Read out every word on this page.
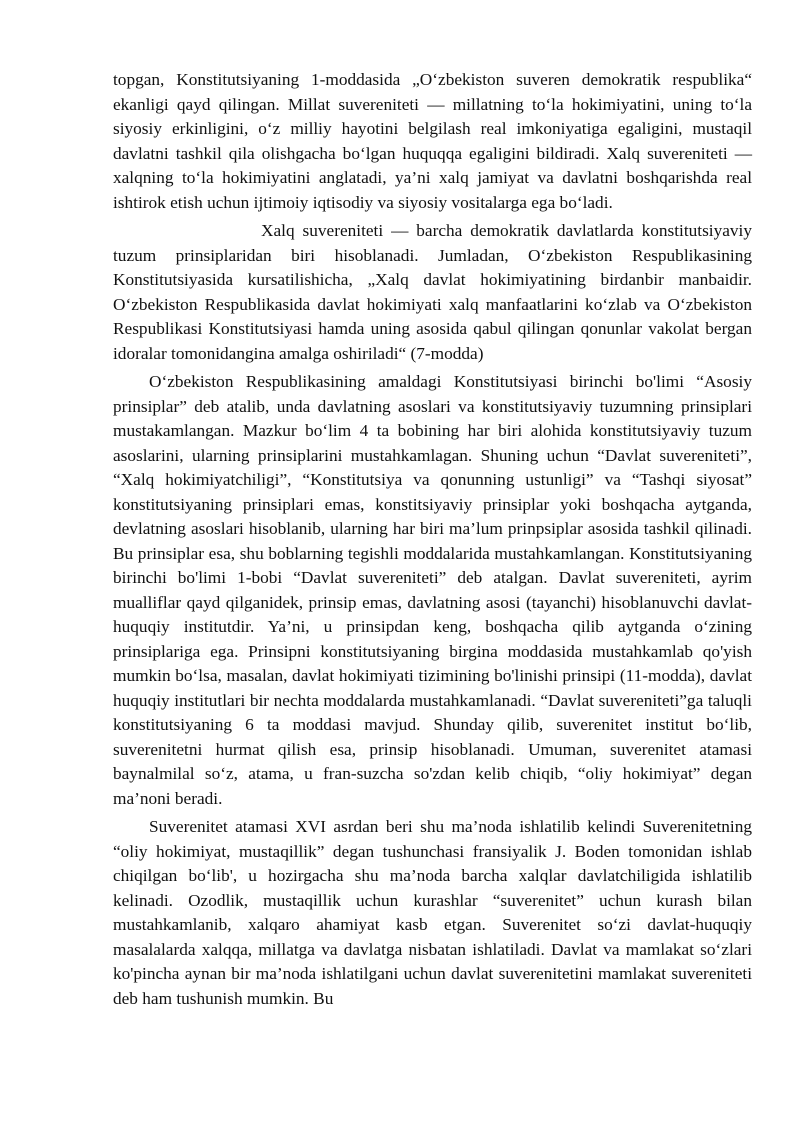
topgan, Konstitutsiyaning 1-moddasida „O‘zbekiston suveren demokratik respublika“ ekanligi qayd qilingan. Millat suvereniteti — millatning to‘la hokimiyatini, uning to‘la siyosiy erkinligini, o‘z milliy hayotini belgilash real imkoniyatiga egaligini, mustaqil davlatni tashkil qila olishgacha bo‘lgan huquqqa egaligini bildiradi. Xalq suvereniteti — xalqning to‘la hokimiyatini anglatadi, ya’ni xalq jamiyat va davlatni boshqarishda real ishtirok etish uchun ijtimoiy iqtisodiy va siyosiy vositalarga ega bo‘ladi.

Xalq suvereniteti — barcha demokratik davlatlarda konstitutsiyaviy tuzum prinsiplaridan biri hisoblanadi. Jumladan, O‘zbekiston Respublikasining Konstitutsiyasida kursatilishicha, „Xalq davlat hokimiyatining birdanbir manbaidir. O‘zbekiston Respublikasida davlat hokimiyati xalq manfaatlarini ko‘zlab va O‘zbekiston Respublikasi Konstitutsiyasi hamda uning asosida qabul qilingan qonunlar vakolat bergan idoralar tomonidangina amalga oshiriladi“ (7-modda)

O‘zbekiston Respublikasining amaldagi Konstitutsiyasi birinchi bo'limi “Asosiy prinsiplar” deb atalib, unda davlatning asoslari va konstitutsiyaviy tuzumning prinsiplari mustakamlangan. Mazkur bo‘lim 4 ta bobining har biri alohida konstitutsiyaviy tuzum asoslarini, ularning prinsiplarini mustahkamlagan. Shuning uchun “Davlat suvereniteti”, “Xalq hokimiyatchiligi”, “Konstitutsiya va qonunning ustunligi” va “Tashqi siyosat” konstitutsiyaning prinsiplari emas, konstitsiyaviy prinsiplar yoki boshqacha aytganda, devlatning asoslari hisoblanib, ularning har biri ma’lum prinpsiplar asosida tashkil qilinadi. Bu prinsiplar esa, shu boblarning tegishli moddalarida mustahkamlangan. Konstitutsiyaning birinchi bo'limi 1-bobi “Davlat suvereniteti” deb atalgan. Davlat suvereniteti, ayrim mualliflar qayd qilganidek, prinsip emas, davlatning asosi (tayanchi) hisoblanuvchi davlat- huquqiy institutdir. Ya’ni, u prinsipdan keng, boshqacha qilib aytganda o‘zining prinsiplariga ega. Prinsipni konstitutsiyaning birgina moddasida mustahkamlab qo'yish mumkin bo‘lsa, masalan, davlat hokimiyati tizimining bo'linishi prinsipi (11-modda), davlat huquqiy institutlari bir nechta moddalarda mustahkamlanadi. “Davlat suvereniteti”ga taluqli konstitutsiyaning 6 ta moddasi mavjud. Shunday qilib, suverenitet institut bo‘lib, suverenitetni hurmat qilish esa, prinsip hisoblanadi. Umuman, suverenitet atamasi baynalmilal so‘z, atama, u fran-suzcha so'zdan kelib chiqib, “oliy hokimiyat” degan ma’noni beradi.

Suverenitet atamasi XVI asrdan beri shu ma’noda ishlatilib kelindi Suverenitetning “oliy hokimiyat, mustaqillik” degan tushunchasi fransiyalik J. Boden tomonidan ishlab chiqilgan bo‘lib', u hozirgacha shu ma’noda barcha xalqlar davlatchiligida ishlatilib kelinadi. Ozodlik, mustaqillik uchun kurashlar “suverenitet” uchun kurash bilan mustahkamlanib, xalqaro ahamiyat kasb etgan. Suverenitet so‘zi davlat-huquqiy masalalarda xalqqa, millatga va davlatga nisbatan ishlatiladi. Davlat va mamlakat so‘zlari ko'pincha aynan bir ma’noda ishlatilgani uchun davlat suverenitetini mamlakat suvereniteti deb ham tushunish mumkin. Bu
